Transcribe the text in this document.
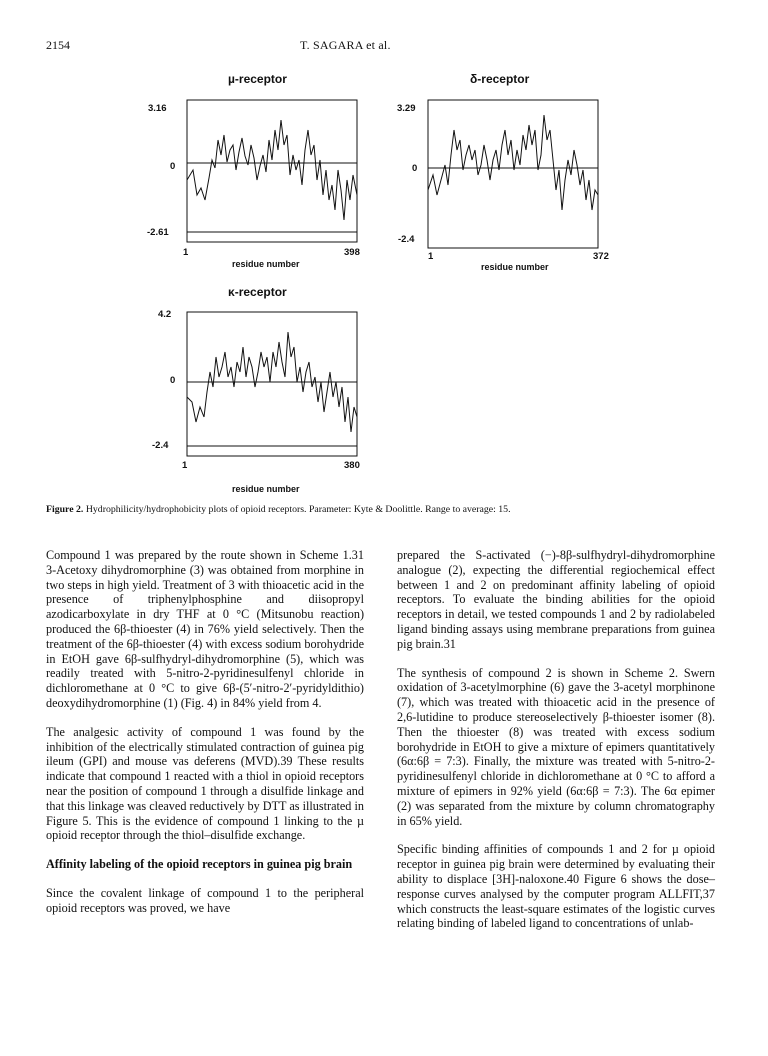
2154	T. SAGARA et al.
µ-receptor
3.16
0
-2.61
1	398
residue number
δ-receptor
3.29
0
-2.4
1	372
residue number
κ-receptor
4.2
0
-2.4
1	380
residue number
Figure 2. Hydrophilicity/hydrophobicity plots of opioid receptors. Parameter: Kyte & Doolittle. Range to average: 15.

Compound 1 was prepared by the route shown in Scheme 1.31 3-Acetoxy dihydromorphine (3) was obtained from morphine in two steps in high yield. Treatment of 3 with thioacetic acid in the presence of triphenylphosphine and diisopropyl azodicarboxylate in dry THF at 0 °C (Mitsunobu reaction) produced the 6β-thioester (4) in 76% yield selectively. Then the treatment of the 6β-thioester (4) with excess sodium borohydride in EtOH gave 6β-sulfhydryl-dihydromorphine (5), which was readily treated with 5-nitro-2-pyridinesulfenyl chloride in dichloromethane at 0 °C to give 6β-(5′-nitro-2′-pyridyldithio) deoxydihydromorphine (1) (Fig. 4) in 84% yield from 4.

The analgesic activity of compound 1 was found by the inhibition of the electrically stimulated contraction of guinea pig ileum (GPI) and mouse vas deferens (MVD).39 These results indicate that compound 1 reacted with a thiol in opioid receptors near the position of compound 1 through a disulfide linkage and that this linkage was cleaved reductively by DTT as illustrated in Figure 5. This is the evidence of compound 1 linking to the µ opioid receptor through the thiol–disulfide exchange.

Affinity labeling of the opioid receptors in guinea pig brain

Since the covalent linkage of compound 1 to the peripheral opioid receptors was proved, we have

prepared the S-activated (−)-8β-sulfhydryl-dihydromorphine analogue (2), expecting the differential regiochemical effect between 1 and 2 on predominant affinity labeling of opioid receptors. To evaluate the binding abilities for the opioid receptors in detail, we tested compounds 1 and 2 by radiolabeled ligand binding assays using membrane preparations from guinea pig brain.31

The synthesis of compound 2 is shown in Scheme 2. Swern oxidation of 3-acetylmorphine (6) gave the 3-acetyl morphinone (7), which was treated with thioacetic acid in the presence of 2,6-lutidine to produce stereoselectively β-thioester isomer (8). Then the thioester (8) was treated with excess sodium borohydride in EtOH to give a mixture of epimers quantitatively (6α:6β = 7:3). Finally, the mixture was treated with 5-nitro-2-pyridinesulfenyl chloride in dichloromethane at 0 °C to afford a mixture of epimers in 92% yield (6α:6β = 7:3). The 6α epimer (2) was separated from the mixture by column chromatography in 65% yield.

Specific binding affinities of compounds 1 and 2 for µ opioid receptor in guinea pig brain were determined by evaluating their ability to displace [3H]-naloxone.40 Figure 6 shows the dose–response curves analysed by the computer program ALLFIT,37 which constructs the least-square estimates of the logistic curves relating binding of labeled ligand to concentrations of unlab-
